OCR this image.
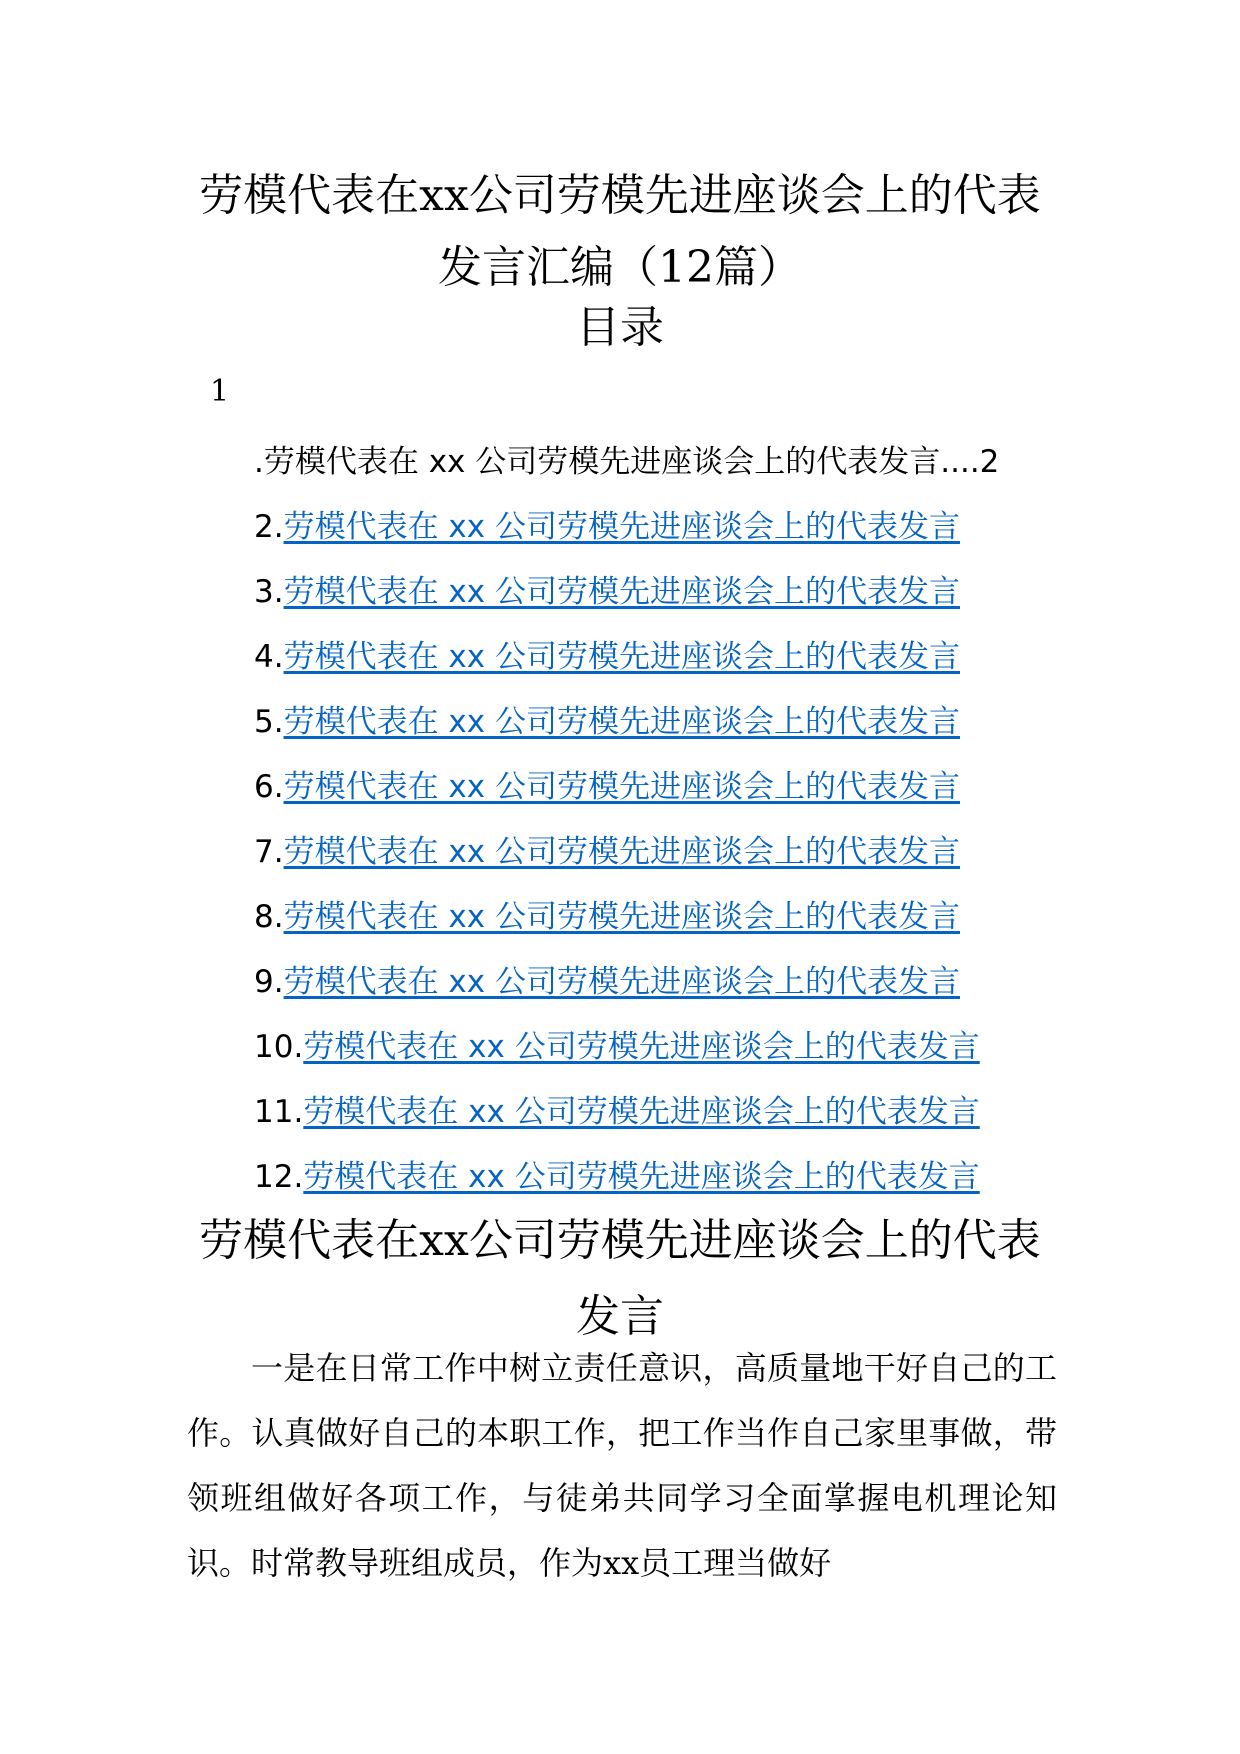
劳模代表在xx公司劳模先进座谈会上的代表发言汇编（12篇）
目录
1
.劳模代表在 xx 公司劳模先进座谈会上的代表发言....2
2.劳模代表在 xx 公司劳模先进座谈会上的代表发言
3.劳模代表在 xx 公司劳模先进座谈会上的代表发言
4.劳模代表在 xx 公司劳模先进座谈会上的代表发言
5.劳模代表在 xx 公司劳模先进座谈会上的代表发言
6.劳模代表在 xx 公司劳模先进座谈会上的代表发言
7.劳模代表在 xx 公司劳模先进座谈会上的代表发言
8.劳模代表在 xx 公司劳模先进座谈会上的代表发言
9.劳模代表在 xx 公司劳模先进座谈会上的代表发言
10.劳模代表在 xx 公司劳模先进座谈会上的代表发言
11.劳模代表在 xx 公司劳模先进座谈会上的代表发言
12.劳模代表在 xx 公司劳模先进座谈会上的代表发言
劳模代表在xx公司劳模先进座谈会上的代表发言

一是在日常工作中树立责任意识，高质量地干好自己的工作。认真做好自己的本职工作，把工作当作自己家里事做，带领班组做好各项工作，与徒弟共同学习全面掌握电机理论知识。时常教导班组成员，作为xx员工理当做好
